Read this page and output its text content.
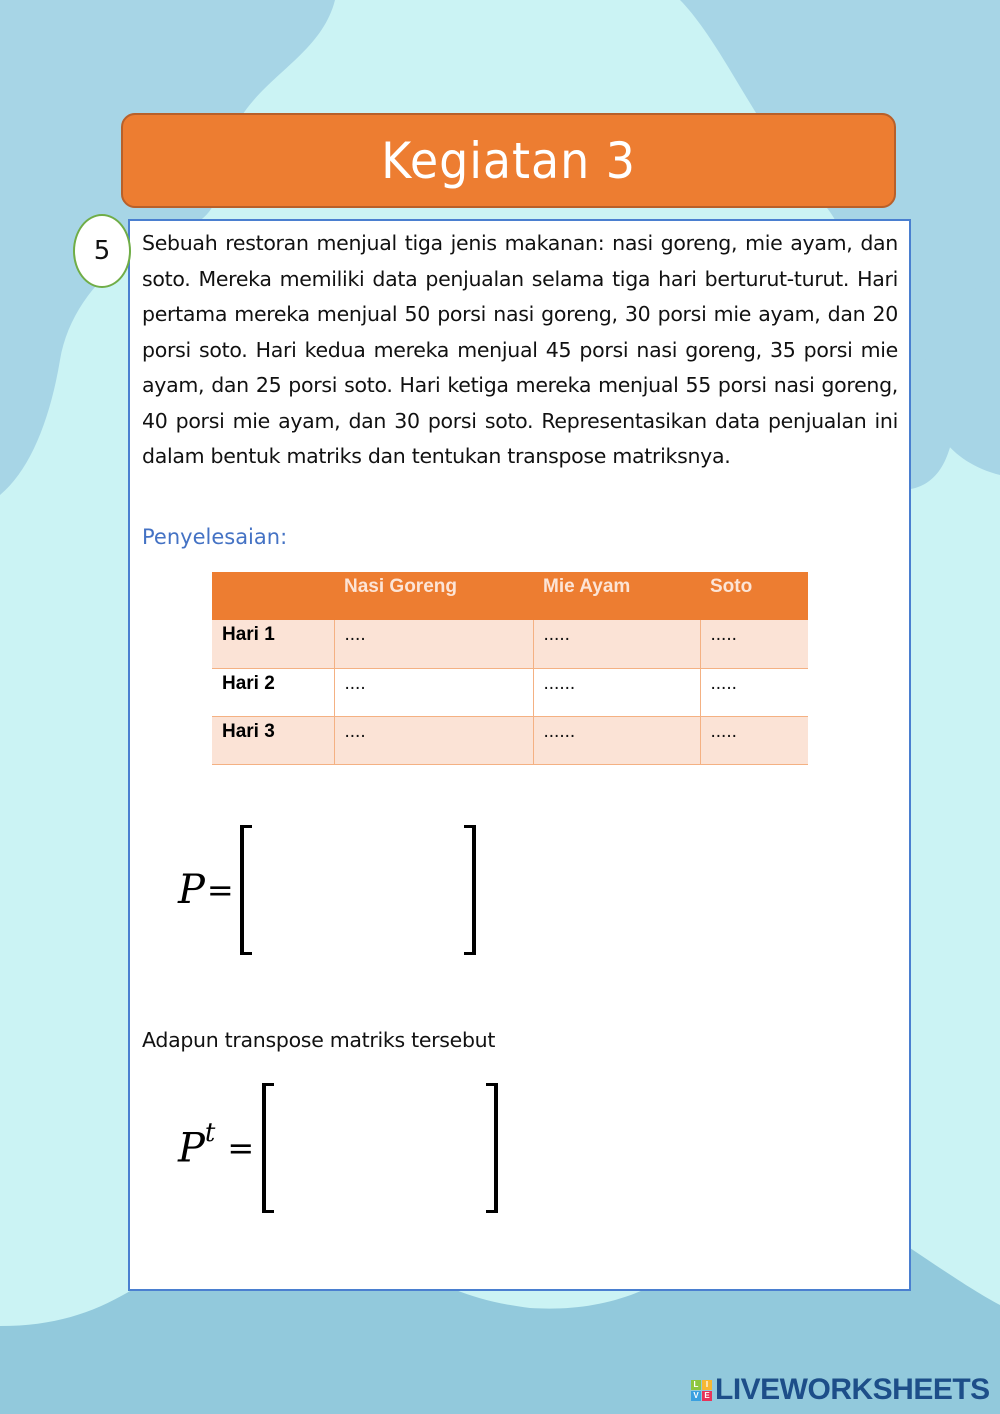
Kegiatan 3
5 Sebuah restoran menjual tiga jenis makanan: nasi goreng, mie ayam, dan soto. Mereka memiliki data penjualan selama tiga hari berturut-turut. Hari pertama mereka menjual 50 porsi nasi goreng, 30 porsi mie ayam, dan 20 porsi soto. Hari kedua mereka menjual 45 porsi nasi goreng, 35 porsi mie ayam, dan 25 porsi soto. Hari ketiga mereka menjual 55 porsi nasi goreng, 40 porsi mie ayam, dan 30 porsi soto. Representasikan data penjualan ini dalam bentuk matriks dan tentukan transpose matriksnya.
Penyelesaian:
	Nasi Goreng	Mie Ayam	Soto
Hari 1	....	.....	.....
Hari 2	....	......	.....
Hari 3	....	......	.....
P =
Adapun transpose matriks tersebut
$P^t$ =
L I
V E LIVEWORKSHEETS
